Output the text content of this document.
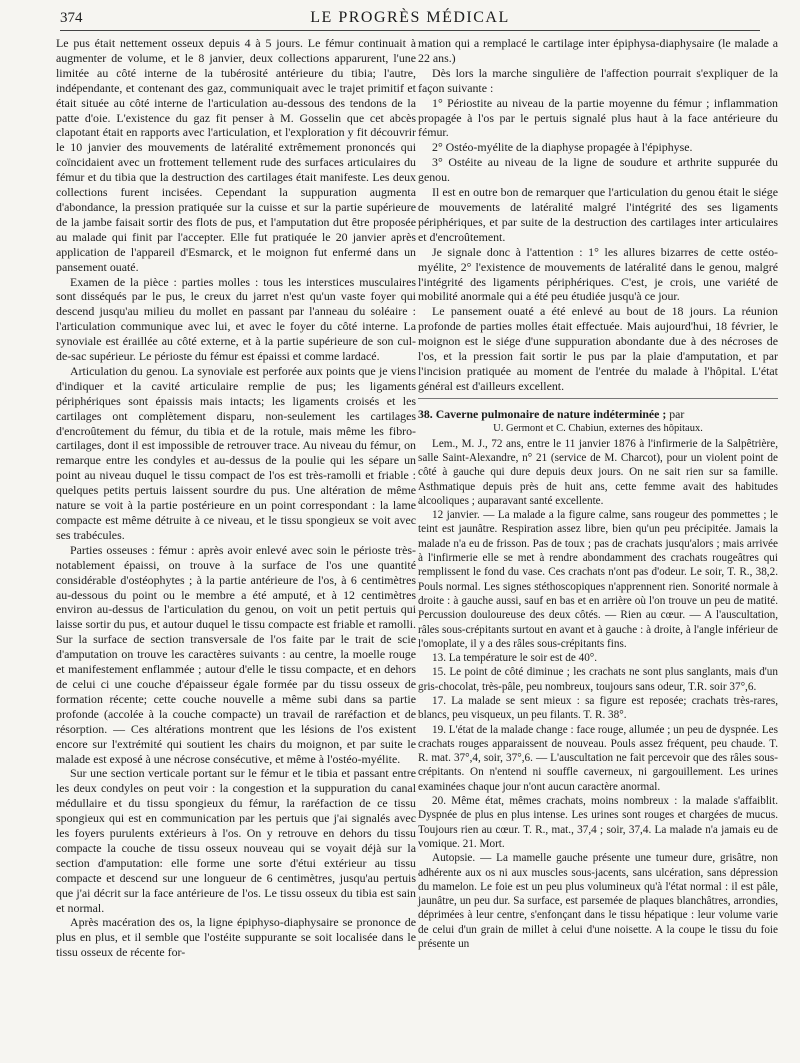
374	LE PROGRÈS MÉDICAL

Le pus était nettement osseux depuis 4 à 5 jours. Le fémur continuait à augmenter de volume, et le 8 janvier, deux collections apparurent, l'une limitée au côté interne de la tubérosité antérieure du tibia; l'autre, indépendante, et contenant des gaz, communiquait avec le trajet primitif et était située au côté interne de l'articulation au-dessous des tendons de la patte d'oie. L'existence du gaz fit penser à M. Gosselin que cet abcès clapotant était en rapports avec l'articulation, et l'exploration y fit découvrir le 10 janvier des mouvements de latéralité extrêmement prononcés qui coïncidaient avec un frottement tellement rude des surfaces articulaires du fémur et du tibia que la destruction des cartilages était manifeste. Les deux collections furent incisées. Cependant la suppuration augmenta d'abondance, la pression pratiquée sur la cuisse et sur la partie supérieure de la jambe faisait sortir des flots de pus, et l'amputation dut être proposée au malade qui finit par l'accepter. Elle fut pratiquée le 20 janvier après application de l'appareil d'Esmarck, et le moignon fut enfermé dans un pansement ouaté.

Examen de la pièce : parties molles : tous les interstices musculaires sont disséqués par le pus, le creux du jarret n'est qu'un vaste foyer qui descend jusqu'au milieu du mollet en passant par l'anneau du soléaire : l'articulation communique avec lui, et avec le foyer du côté interne. La synoviale est éraillée au côté externe, et à la partie supérieure de son cul-de-sac supérieur. Le périoste du fémur est épaissi et comme lardacé.

Articulation du genou. La synoviale est perforée aux points que je viens d'indiquer et la cavité articulaire remplie de pus; les ligaments périphériques sont épaissis mais intacts; les ligaments croisés et les cartilages ont complètement disparu, non-seulement les cartilages d'encroûtement du fémur, du tibia et de la rotule, mais même les fibro-cartilages, dont il est impossible de retrouver trace. Au niveau du fémur, on remarque entre les condyles et au-dessus de la poulie qui les sépare un point au niveau duquel le tissu compact de l'os est très-ramolli et friable : quelques petits pertuis laissent sourdre du pus. Une altération de même nature se voit à la partie postérieure en un point correspondant : la lame compacte est même détruite à ce niveau, et le tissu spongieux se voit avec ses trabécules.

Parties osseuses : fémur : après avoir enlevé avec soin le périoste très-notablement épaissi, on trouve à la surface de l'os une quantité considérable d'ostéophytes ; à la partie antérieure de l'os, à 6 centimètres au-dessous du point ou le membre a été amputé, et à 12 centimètres environ au-dessus de l'articulation du genou, on voit un petit pertuis qui laisse sortir du pus, et autour duquel le tissu compacte est friable et ramolli. Sur la surface de section transversale de l'os faite par le trait de scie d'amputation on trouve les caractères suivants : au centre, la moelle rouge et manifestement enflammée ; autour d'elle le tissu compacte, et en dehors de celui ci une couche d'épaisseur égale formée par du tissu osseux de formation récente; cette couche nouvelle a même subi dans sa partie profonde (accolée à la couche compacte) un travail de raréfaction et de résorption. — Ces altérations montrent que les lésions de l'os existent encore sur l'extrémité qui soutient les chairs du moignon, et par suite le malade est exposé à une nécrose consécutive, et même à l'ostéo-myélite.

Sur une section verticale portant sur le fémur et le tibia et passant entre les deux condyles on peut voir : la congestion et la suppuration du canal médullaire et du tissu spongieux du fémur, la raréfaction de ce tissu spongieux qui est en communication par les pertuis que j'ai signalés avec les foyers purulents extérieurs à l'os. On y retrouve en dehors du tissu compacte la couche de tissu osseux nouveau qui se voyait déjà sur la section d'amputation: elle forme une sorte d'étui extérieur au tissu compacte et descend sur une longueur de 6 centimètres, jusqu'au pertuis que j'ai décrit sur la face antérieure de l'os. Le tissu osseux du tibia est sain et normal.

Après macération des os, la ligne épiphyso-diaphysaire se prononce de plus en plus, et il semble que l'ostéite suppurante se soit localisée dans le tissu osseux de récente for-

mation qui a remplacé le cartilage inter épiphysa-diaphysaire (le malade a 22 ans.)

Dès lors la marche singulière de l'affection pourrait s'expliquer de la façon suivante :

1° Périostite au niveau de la partie moyenne du fémur ; inflammation propagée à l'os par le pertuis signalé plus haut à la face antérieure du fémur.

2° Ostéo-myélite de la diaphyse propagée à l'épiphyse.

3° Ostéite au niveau de la ligne de soudure et arthrite suppurée du genou.

Il est en outre bon de remarquer que l'articulation du genou était le siége de mouvements de latéralité malgré l'intégrité des ses ligaments périphériques, et par suite de la destruction des cartilages inter articulaires et d'encroûtement.

Je signale donc à l'attention : 1° les allures bizarres de cette ostéo-myélite, 2° l'existence de mouvements de latéralité dans le genou, malgré l'intégrité des ligaments périphériques. C'est, je crois, une variété de mobilité anormale qui a été peu étudiée jusqu'à ce jour.

Le pansement ouaté a été enlevé au bout de 18 jours. La réunion profonde de parties molles était effectuée. Mais aujourd'hui, 18 février, le moignon est le siége d'une suppuration abondante due à des nécroses de l'os, et la pression fait sortir le pus par la plaie d'amputation, et par l'incision pratiquée au moment de l'entrée du malade à l'hôpital. L'état général est d'ailleurs excellent.

38. Caverne pulmonaire de nature indéterminée ; par

U. Germont et C. Chabiun, externes des hôpitaux.

Lem., M. J., 72 ans, entre le 11 janvier 1876 à l'infirmerie de la Salpêtrière, salle Saint-Alexandre, n° 21 (service de M. Charcot), pour un violent point de côté à gauche qui dure depuis deux jours. On ne sait rien sur sa famille. Asthmatique depuis près de huit ans, cette femme avait des habitudes alcooliques ; auparavant santé excellente.

12 janvier. — La malade a la figure calme, sans rougeur des pommettes ; le teint est jaunâtre. Respiration assez libre, bien qu'un peu précipitée. Jamais la malade n'a eu de frisson. Pas de toux ; pas de crachats jusqu'alors ; mais arrivée à l'infirmerie elle se met à rendre abondamment des crachats rougeâtres qui remplissent le fond du vase. Ces crachats n'ont pas d'odeur. Le soir, T. R., 38,2. Pouls normal. Les signes stéthoscopiques n'apprennent rien. Sonorité normale à droite : à gauche aussi, sauf en bas et en arrière où l'on trouve un peu de matité. Percussion douloureuse des deux côtés. — Rien au cœur. — A l'auscultation, râles sous-crépitants surtout en avant et à gauche : à droite, à l'angle inférieur de l'omoplate, il y a des râles sous-crépitants fins.

13. La température le soir est de 40°.

15. Le point de côté diminue ; les crachats ne sont plus sanglants, mais d'un gris-chocolat, très-pâle, peu nombreux, toujours sans odeur, T.R. soir 37°,6.

17. La malade se sent mieux : sa figure est reposée; crachats très-rares, blancs, peu visqueux, un peu filants. T. R. 38°.

19. L'état de la malade change : face rouge, allumée ; un peu de dyspnée. Les crachats rouges apparaissent de nouveau. Pouls assez fréquent, peu chaude. T. R. mat. 37°,4, soir, 37°,6. — L'auscultation ne fait percevoir que des râles sous-crépitants. On n'entend ni souffle caverneux, ni gargouillement. Les urines examinées chaque jour n'ont aucun caractère anormal.

20. Même état, mêmes crachats, moins nombreux : la malade s'affaiblit. Dyspnée de plus en plus intense. Les urines sont rouges et chargées de mucus. Toujours rien au cœur. T. R., mat., 37,4 ; soir, 37,4. La malade n'a jamais eu de vomique. 21. Mort.

Autopsie. — La mamelle gauche présente une tumeur dure, grisâtre, non adhérente aux os ni aux muscles sous-jacents, sans ulcération, sans dépression du mamelon. Le foie est un peu plus volumineux qu'à l'état normal : il est pâle, jaunâtre, un peu dur. Sa surface, est parsemée de plaques blanchâtres, arrondies, déprimées à leur centre, s'enfonçant dans le tissu hépatique : leur volume varie de celui d'un grain de millet à celui d'une noisette. A la coupe le tissu du foie présente un
